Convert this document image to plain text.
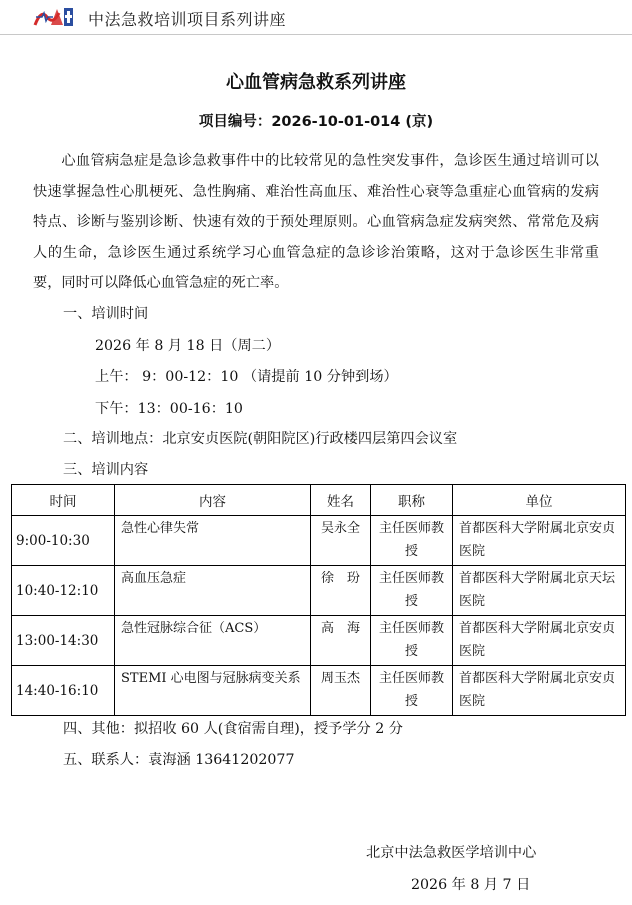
中法急救培训项目系列讲座
心血管病急救系列讲座
项目编号：2026-10-01-014 (京)

心血管病急症是急诊急救事件中的比较常见的急性突发事件，急诊医生通过培训可以快速掌握急性心肌梗死、急性胸痛、难治性高血压、难治性心衰等急重症心血管病的发病特点、诊断与鉴别诊断、快速有效的于预处理原则。心血管病急症发病突然、常常危及病人的生命，急诊医生通过系统学习心血管急症的急诊诊治策略，这对于急诊医生非常重要，同时可以降低心血管急症的死亡率。

一、培训时间
2026 年 8 月 18 日（周二）
上午： 9：00-12：10 （请提前 10 分钟到场）
下午：13：00-16：10
二、培训地点：北京安贞医院(朝阳院区)行政楼四层第四会议室
三、培训内容
时间	内容	姓名	职称	单位
9:00-10:30	急性心律失常	吴永全	主任医师教授	首都医科大学附属北京安贞医院
10:40-12:10	高血压急症	徐　玢	主任医师教授	首都医科大学附属北京天坛医院
13:00-14:30	急性冠脉综合征（ACS）	高　海	主任医师教授	首都医科大学附属北京安贞医院
14:40-16:10	STEMI 心电图与冠脉病变关系	周玉杰	主任医师教授	首都医科大学附属北京安贞医院
四、其他：拟招收 60 人(食宿需自理)，授予学分 2 分
五、联系人：袁海涵 13641202077
北京中法急救医学培训中心
2026 年 8 月 7 日
